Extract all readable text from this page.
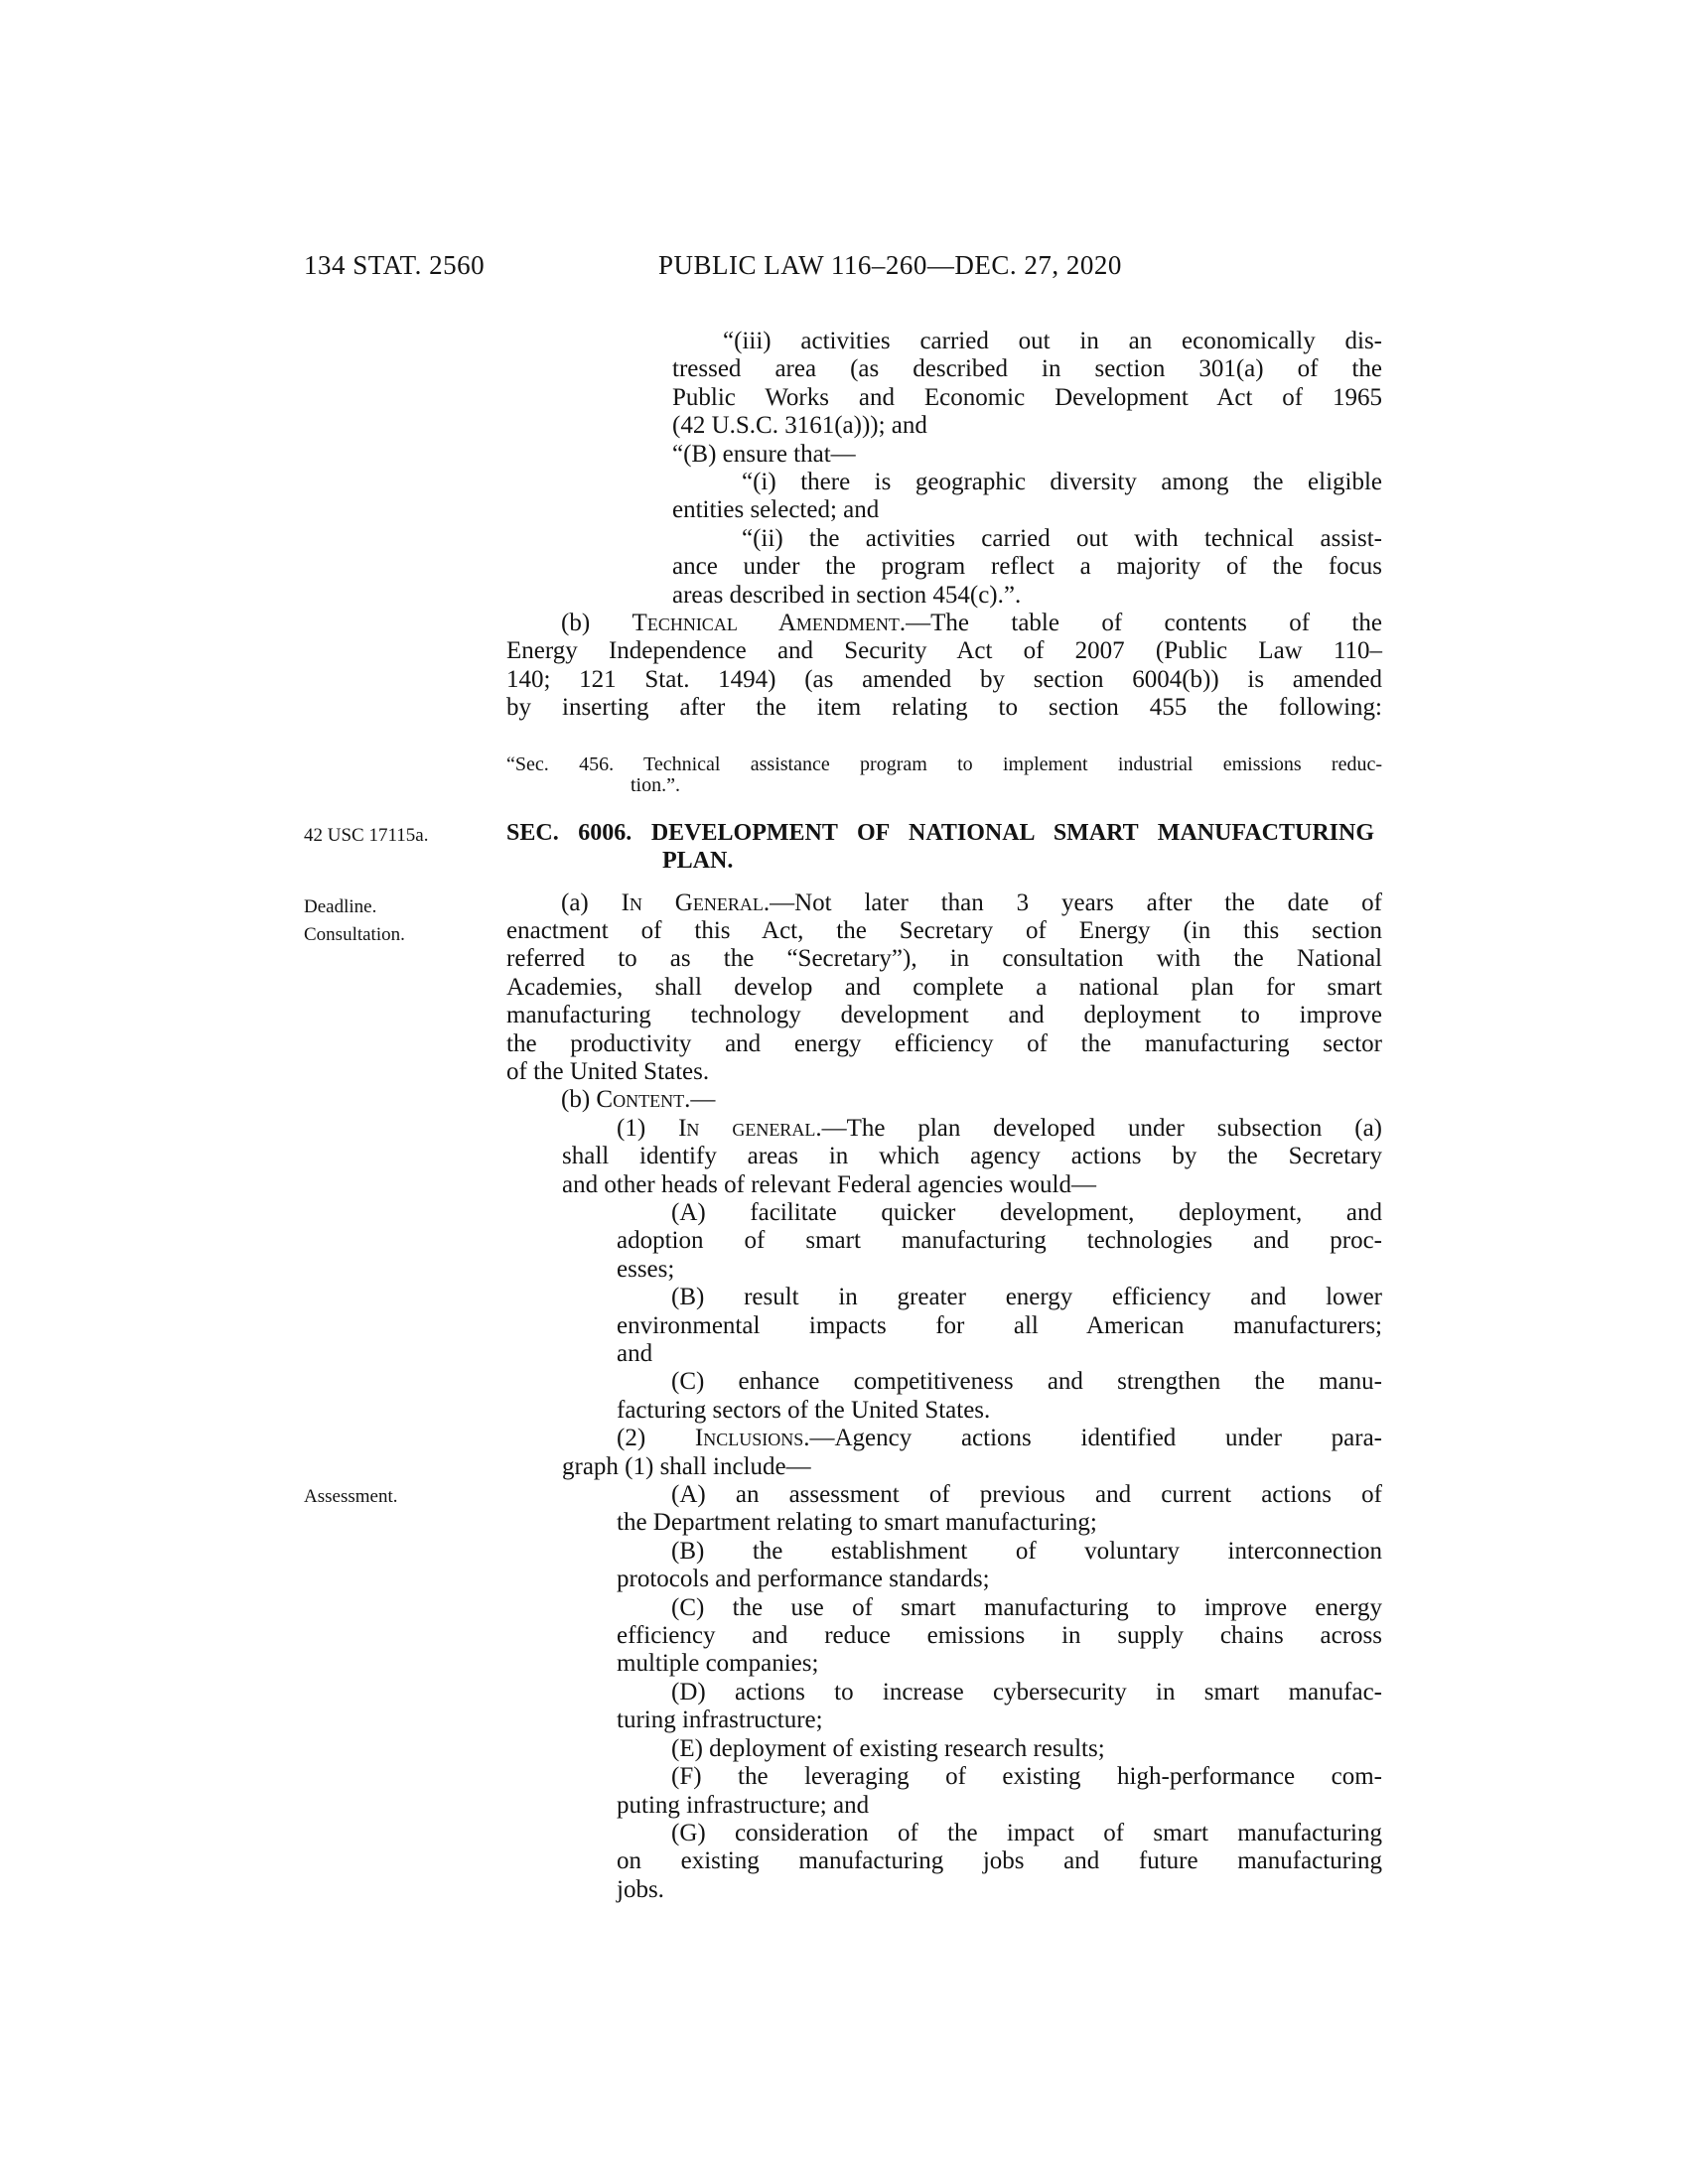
134 STAT. 2560	PUBLIC LAW 116–260—DEC. 27, 2020
42 USC 17115a.
Deadline.
Consultation.
Assessment.
“(iii) activities carried out in an economically dis-
tressed area (as described in section 301(a) of the
Public Works and Economic Development Act of 1965
(42 U.S.C. 3161(a))); and
“(B) ensure that—
“(i) there is geographic diversity among the eligible
entities selected; and
“(ii) the activities carried out with technical assist-
ance under the program reflect a majority of the focus
areas described in section 454(c).”.
(b) Technical Amendment.—The table of contents of the
Energy Independence and Security Act of 2007 (Public Law 110–
140; 121 Stat. 1494) (as amended by section 6004(b)) is amended
by inserting after the item relating to section 455 the following:
“Sec. 456. Technical assistance program to implement industrial emissions reduc-
tion.”.
SEC. 6006. DEVELOPMENT OF NATIONAL SMART MANUFACTURING
PLAN.
(a) In General.—Not later than 3 years after the date of
enactment of this Act, the Secretary of Energy (in this section
referred to as the “Secretary”), in consultation with the National
Academies, shall develop and complete a national plan for smart
manufacturing technology development and deployment to improve
the productivity and energy efficiency of the manufacturing sector
of the United States.
(b) Content.—
(1) In general.—The plan developed under subsection (a)
shall identify areas in which agency actions by the Secretary
and other heads of relevant Federal agencies would—
(A) facilitate quicker development, deployment, and
adoption of smart manufacturing technologies and proc-
esses;
(B) result in greater energy efficiency and lower
environmental impacts for all American manufacturers;
and
(C) enhance competitiveness and strengthen the manu-
facturing sectors of the United States.
(2) Inclusions.—Agency actions identified under para-
graph (1) shall include—
(A) an assessment of previous and current actions of
the Department relating to smart manufacturing;
(B) the establishment of voluntary interconnection
protocols and performance standards;
(C) the use of smart manufacturing to improve energy
efficiency and reduce emissions in supply chains across
multiple companies;
(D) actions to increase cybersecurity in smart manufac-
turing infrastructure;
(E) deployment of existing research results;
(F) the leveraging of existing high-performance com-
puting infrastructure; and
(G) consideration of the impact of smart manufacturing
on existing manufacturing jobs and future manufacturing
jobs.
